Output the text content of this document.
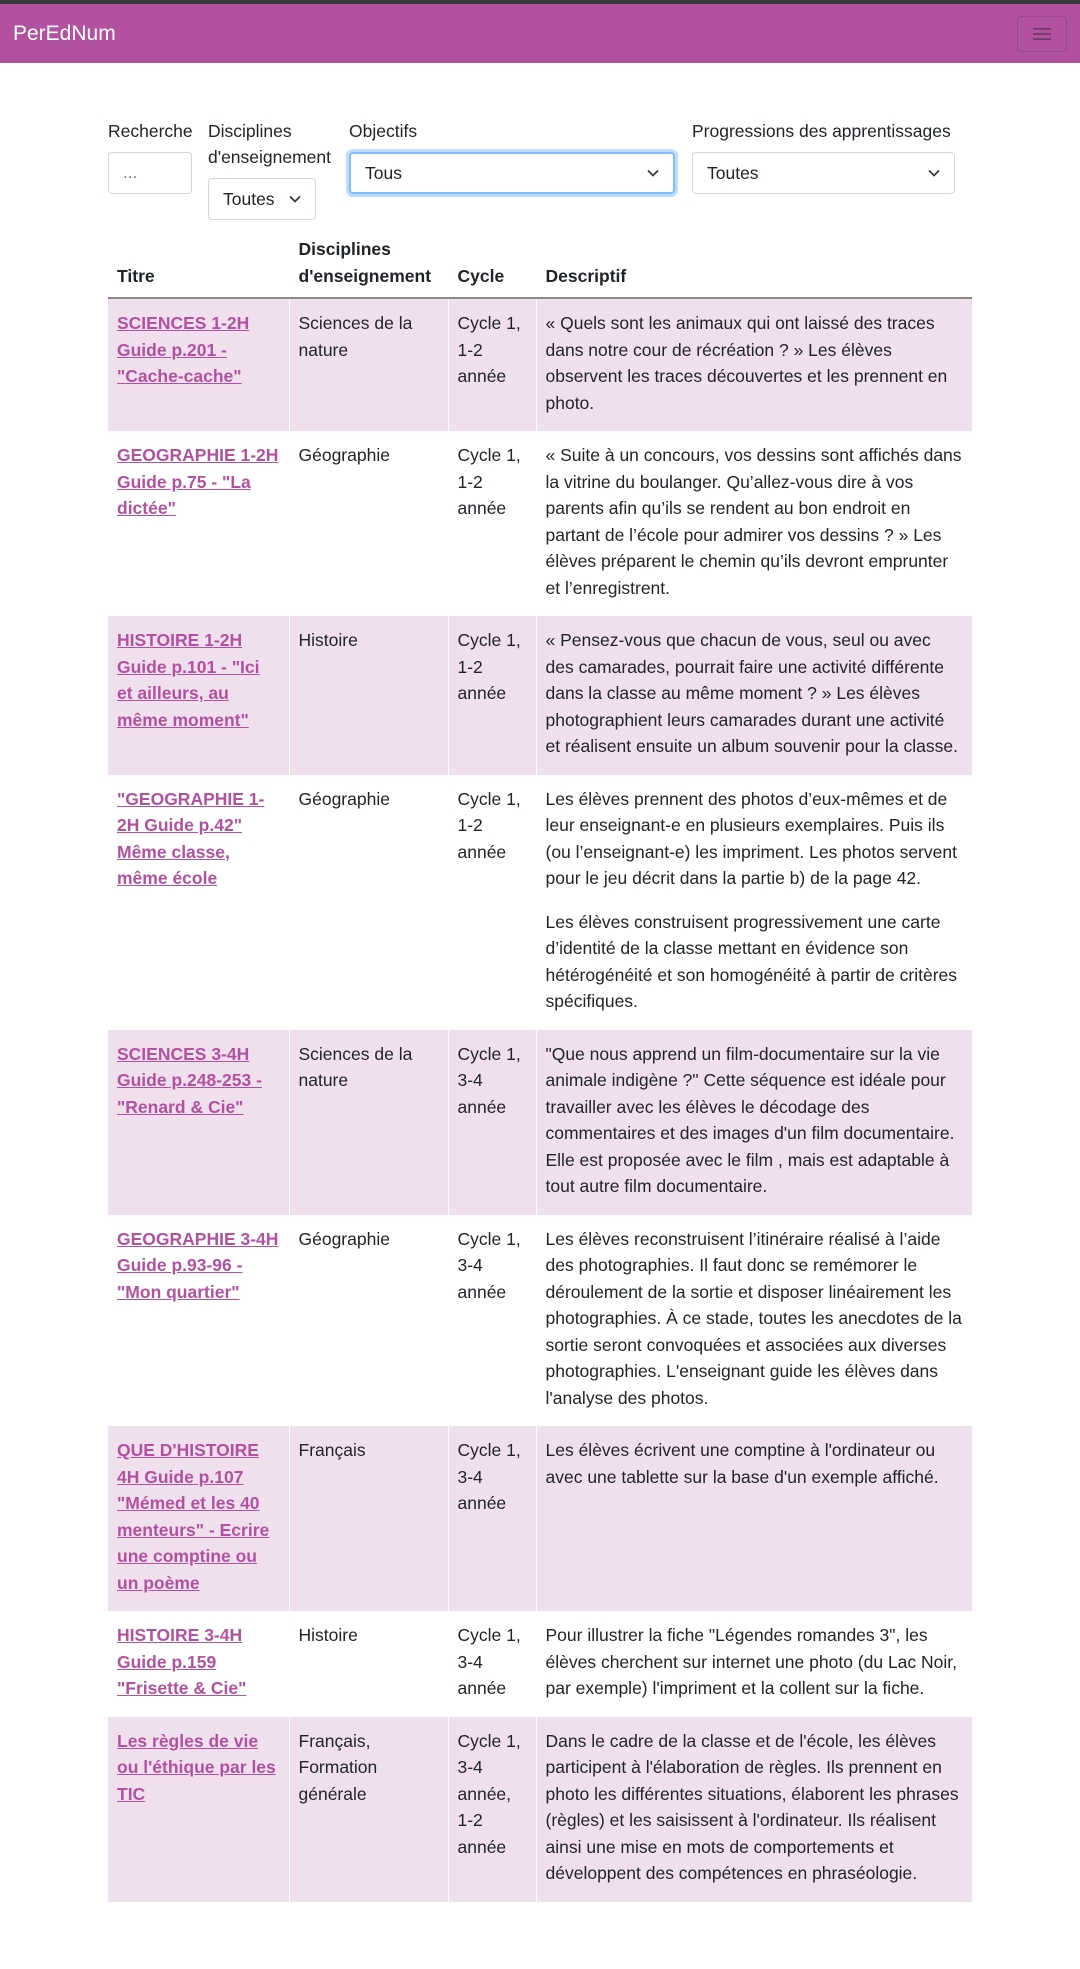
PerEdNum
Recherche
...
Disciplines d'enseignement
Toutes
Objectifs
Tous
Progressions des apprentissages
Toutes
Titre	Disciplines d'enseignement	Cycle	Descriptif
SCIENCES 1-2H Guide p.201 - "Cache-cache"	Sciences de la nature	Cycle 1, 1-2 année	« Quels sont les animaux qui ont laissé des traces dans notre cour de récréation ? » Les élèves observent les traces découvertes et les prennent en photo.

GEOGRAPHIE 1-2H Guide p.75 - "La dictée"	Géographie	Cycle 1, 1-2 année	« Suite à un concours, vos dessins sont affichés dans la vitrine du boulanger. Qu’allez-vous dire à vos parents afin qu’ils se rendent au bon endroit en partant de l’école pour admirer vos dessins ? » Les élèves préparent le chemin qu’ils devront emprunter et l’enregistrent.

HISTOIRE 1-2H Guide p.101 - "Ici et ailleurs, au même moment"	Histoire	Cycle 1, 1-2 année	« Pensez-vous que chacun de vous, seul ou avec des camarades, pourrait faire une activité différente dans la classe au même moment ? » Les élèves photographient leurs camarades durant une activité et réalisent ensuite un album souvenir pour la classe.

"GEOGRAPHIE 1-2H Guide p.42" Même classe, même école	Géographie	Cycle 1, 1-2 année	Les élèves prennent des photos d’eux-mêmes et de leur enseignant-e en plusieurs exemplaires. Puis ils (ou l’enseignant-e) les impriment. Les photos servent pour le jeu décrit dans la partie b) de la page 42.

Les élèves construisent progressivement une carte d’identité de la classe mettant en évidence son hétérogénéité et son homogénéité à partir de critères spécifiques.

SCIENCES 3-4H Guide p.248-253 - "Renard & Cie"	Sciences de la nature	Cycle 1, 3-4 année	"Que nous apprend un film-documentaire sur la vie animale indigène ?" Cette séquence est idéale pour travailler avec les élèves le décodage des commentaires et des images d'un film documentaire. Elle est proposée avec le film , mais est adaptable à tout autre film documentaire.

GEOGRAPHIE 3-4H Guide p.93-96 - "Mon quartier"	Géographie	Cycle 1, 3-4 année	Les élèves reconstruisent l’itinéraire réalisé à l’aide des photographies. Il faut donc se remémorer le déroulement de la sortie et disposer linéairement les photographies. À ce stade, toutes les anecdotes de la sortie seront convoquées et associées aux diverses photographies. L'enseignant guide les élèves dans l'analyse des photos.

QUE D'HISTOIRE 4H Guide p.107 "Mémed et les 40 menteurs" - Ecrire une comptine ou un poème	Français	Cycle 1, 3-4 année	Les élèves écrivent une comptine à l'ordinateur ou avec une tablette sur la base d'un exemple affiché.

HISTOIRE 3-4H Guide p.159 "Frisette & Cie"	Histoire	Cycle 1, 3-4 année	Pour illustrer la fiche "Légendes romandes 3", les élèves cherchent sur internet une photo (du Lac Noir, par exemple) l'impriment et la collent sur la fiche.

Les règles de vie ou l'éthique par les TIC	Français, Formation générale	Cycle 1, 3-4 année, 1-2 année	Dans le cadre de la classe et de l'école, les élèves participent à l'élaboration de règles. Ils prennent en photo les différentes situations, élaborent les phrases (règles) et les saisissent à l'ordinateur. Ils réalisent ainsi une mise en mots de comportements et développent des compétences en phraséologie.
